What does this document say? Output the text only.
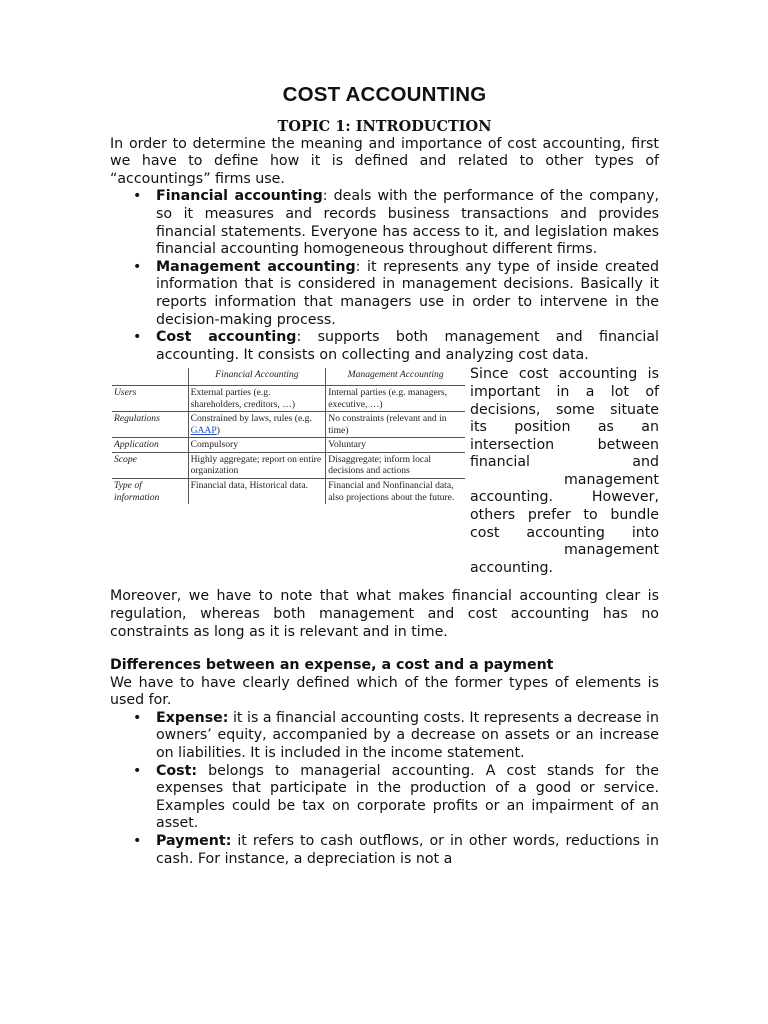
COST ACCOUNTING
TOPIC 1: INTRODUCTION

In order to determine the meaning and importance of cost accounting, first we have to define how it is defined and related to other types of “accountings” firms use.

• Financial accounting: deals with the performance of the company, so it measures and records business transactions and provides financial statements. Everyone has access to it, and legislation makes financial accounting homogeneous throughout different firms.
• Management accounting: it represents any type of inside created information that is considered in management decisions. Basically it reports information that managers use in order to intervene in the decision-making process.
• Cost accounting: supports both management and financial accounting. It consists on collecting and analyzing cost data.
	Financial Accounting	Management Accounting
Users	External parties (e.g. shareholders, creditors, …)	Internal parties (e.g. managers, executive, …)
Regulations	Constrained by laws, rules (e.g. GAAP)	No constraints (relevant and in time)
Application	Compulsory	Voluntary
Scope	Highly aggregate; report on entire organization	Disaggregate; inform local decisions and actions
Type of information	Financial data, Historical data.	Financial and Nonfinancial data, also projections about the future.
Since cost accounting is
important in a lot of
decisions, some situate
its position as an
intersection between
financial and
management
accounting. However,
others prefer to bundle
cost accounting into
management
accounting.

Moreover, we have to note that what makes financial accounting clear is regulation, whereas both management and cost accounting has no constraints as long as it is relevant and in time.

Differences between an expense, a cost and a payment

We have to have clearly defined which of the former types of elements is used for.

• Expense: it is a financial accounting costs. It represents a decrease in owners’ equity, accompanied by a decrease on assets or an increase on liabilities. It is included in the income statement.
• Cost: belongs to managerial accounting. A cost stands for the expenses that participate in the production of a good or service. Examples could be tax on corporate profits or an impairment of an asset.
• Payment: it refers to cash outflows, or in other words, reductions in cash. For instance, a depreciation is not a
